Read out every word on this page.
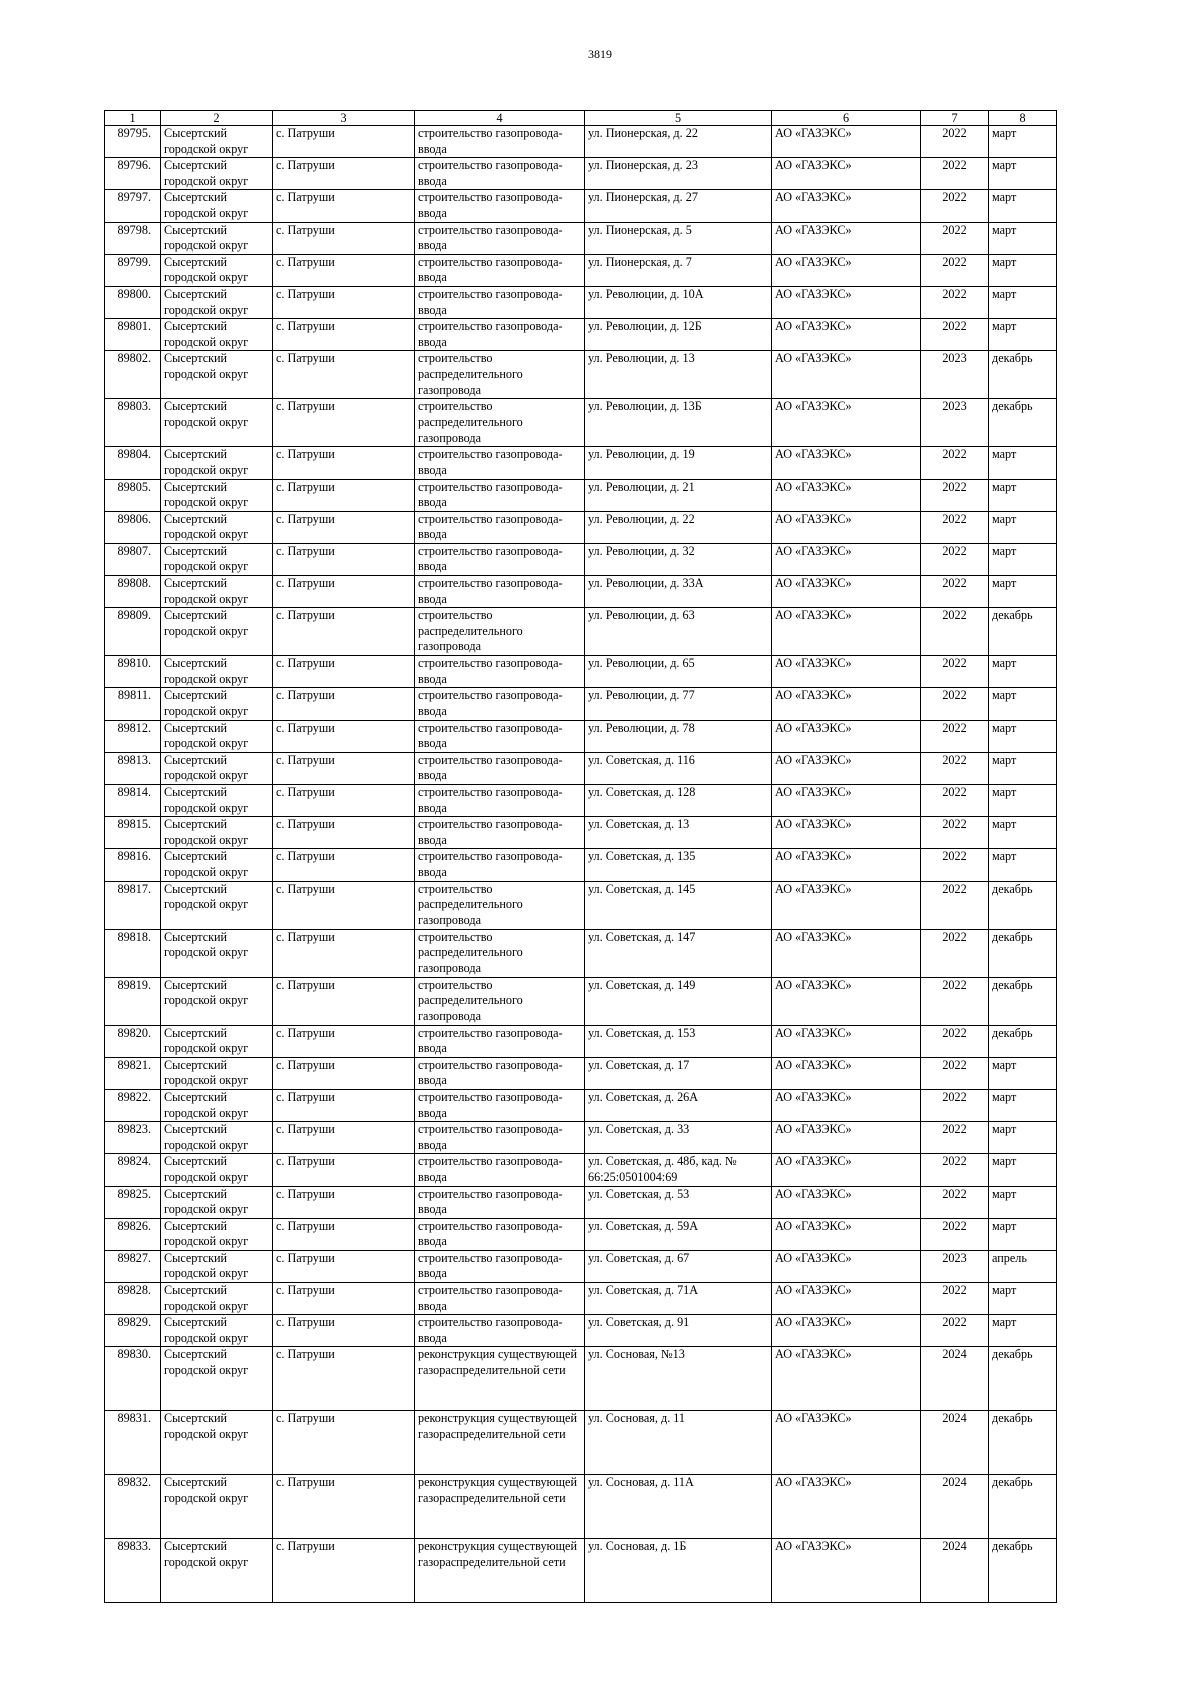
3819
1	2	3	4	5	6	7	8
89795.	Сысертский городской округ	с. Патруши	строительство газопровода-ввода	ул. Пионерская, д. 22	АО «ГАЗЭКС»	2022	март
89796.	Сысертский городской округ	с. Патруши	строительство газопровода-ввода	ул. Пионерская, д. 23	АО «ГАЗЭКС»	2022	март
89797.	Сысертский городской округ	с. Патруши	строительство газопровода-ввода	ул. Пионерская, д. 27	АО «ГАЗЭКС»	2022	март
89798.	Сысертский городской округ	с. Патруши	строительство газопровода-ввода	ул. Пионерская, д. 5	АО «ГАЗЭКС»	2022	март
89799.	Сысертский городской округ	с. Патруши	строительство газопровода-ввода	ул. Пионерская, д. 7	АО «ГАЗЭКС»	2022	март
89800.	Сысертский городской округ	с. Патруши	строительство газопровода-ввода	ул. Революции, д. 10А	АО «ГАЗЭКС»	2022	март
89801.	Сысертский городской округ	с. Патруши	строительство газопровода-ввода	ул. Революции, д. 12Б	АО «ГАЗЭКС»	2022	март
89802.	Сысертский городской округ	с. Патруши	строительство распределительного газопровода	ул. Революции, д. 13	АО «ГАЗЭКС»	2023	декабрь
89803.	Сысертский городской округ	с. Патруши	строительство распределительного газопровода	ул. Революции, д. 13Б	АО «ГАЗЭКС»	2023	декабрь
89804.	Сысертский городской округ	с. Патруши	строительство газопровода-ввода	ул. Революции, д. 19	АО «ГАЗЭКС»	2022	март
89805.	Сысертский городской округ	с. Патруши	строительство газопровода-ввода	ул. Революции, д. 21	АО «ГАЗЭКС»	2022	март
89806.	Сысертский городской округ	с. Патруши	строительство газопровода-ввода	ул. Революции, д. 22	АО «ГАЗЭКС»	2022	март
89807.	Сысертский городской округ	с. Патруши	строительство газопровода-ввода	ул. Революции, д. 32	АО «ГАЗЭКС»	2022	март
89808.	Сысертский городской округ	с. Патруши	строительство газопровода-ввода	ул. Революции, д. 33А	АО «ГАЗЭКС»	2022	март
89809.	Сысертский городской округ	с. Патруши	строительство распределительного газопровода	ул. Революции, д. 63	АО «ГАЗЭКС»	2022	декабрь
89810.	Сысертский городской округ	с. Патруши	строительство газопровода-ввода	ул. Революции, д. 65	АО «ГАЗЭКС»	2022	март
89811.	Сысертский городской округ	с. Патруши	строительство газопровода-ввода	ул. Революции, д. 77	АО «ГАЗЭКС»	2022	март
89812.	Сысертский городской округ	с. Патруши	строительство газопровода-ввода	ул. Революции, д. 78	АО «ГАЗЭКС»	2022	март
89813.	Сысертский городской округ	с. Патруши	строительство газопровода-ввода	ул. Советская, д. 116	АО «ГАЗЭКС»	2022	март
89814.	Сысертский городской округ	с. Патруши	строительство газопровода-ввода	ул. Советская, д. 128	АО «ГАЗЭКС»	2022	март
89815.	Сысертский городской округ	с. Патруши	строительство газопровода-ввода	ул. Советская, д. 13	АО «ГАЗЭКС»	2022	март
89816.	Сысертский городской округ	с. Патруши	строительство газопровода-ввода	ул. Советская, д. 135	АО «ГАЗЭКС»	2022	март
89817.	Сысертский городской округ	с. Патруши	строительство распределительного газопровода	ул. Советская, д. 145	АО «ГАЗЭКС»	2022	декабрь
89818.	Сысертский городской округ	с. Патруши	строительство распределительного газопровода	ул. Советская, д. 147	АО «ГАЗЭКС»	2022	декабрь
89819.	Сысертский городской округ	с. Патруши	строительство распределительного газопровода	ул. Советская, д. 149	АО «ГАЗЭКС»	2022	декабрь
89820.	Сысертский городской округ	с. Патруши	строительство газопровода-ввода	ул. Советская, д. 153	АО «ГАЗЭКС»	2022	декабрь
89821.	Сысертский городской округ	с. Патруши	строительство газопровода-ввода	ул. Советская, д. 17	АО «ГАЗЭКС»	2022	март
89822.	Сысертский городской округ	с. Патруши	строительство газопровода-ввода	ул. Советская, д. 26А	АО «ГАЗЭКС»	2022	март
89823.	Сысертский городской округ	с. Патруши	строительство газопровода-ввода	ул. Советская, д. 33	АО «ГАЗЭКС»	2022	март
89824.	Сысертский городской округ	с. Патруши	строительство газопровода-ввода	ул. Советская, д. 48б, кад. № 66:25:0501004:69	АО «ГАЗЭКС»	2022	март
89825.	Сысертский городской округ	с. Патруши	строительство газопровода-ввода	ул. Советская, д. 53	АО «ГАЗЭКС»	2022	март
89826.	Сысертский городской округ	с. Патруши	строительство газопровода-ввода	ул. Советская, д. 59А	АО «ГАЗЭКС»	2022	март
89827.	Сысертский городской округ	с. Патруши	строительство газопровода-ввода	ул. Советская, д. 67	АО «ГАЗЭКС»	2023	апрель
89828.	Сысертский городской округ	с. Патруши	строительство газопровода-ввода	ул. Советская, д. 71А	АО «ГАЗЭКС»	2022	март
89829.	Сысертский городской округ	с. Патруши	строительство газопровода-ввода	ул. Советская, д. 91	АО «ГАЗЭКС»	2022	март
89830.	Сысертский городской округ	с. Патруши	реконструкция существующей газораспределительной сети	ул. Сосновая, №13	АО «ГАЗЭКС»	2024	декабрь
89831.	Сысертский городской округ	с. Патруши	реконструкция существующей газораспределительной сети	ул. Сосновая, д. 11	АО «ГАЗЭКС»	2024	декабрь
89832.	Сысертский городской округ	с. Патруши	реконструкция существующей газораспределительной сети	ул. Сосновая, д. 11А	АО «ГАЗЭКС»	2024	декабрь
89833.	Сысертский городской округ	с. Патруши	реконструкция существующей газораспределительной сети	ул. Сосновая, д. 1Б	АО «ГАЗЭКС»	2024	декабрь
